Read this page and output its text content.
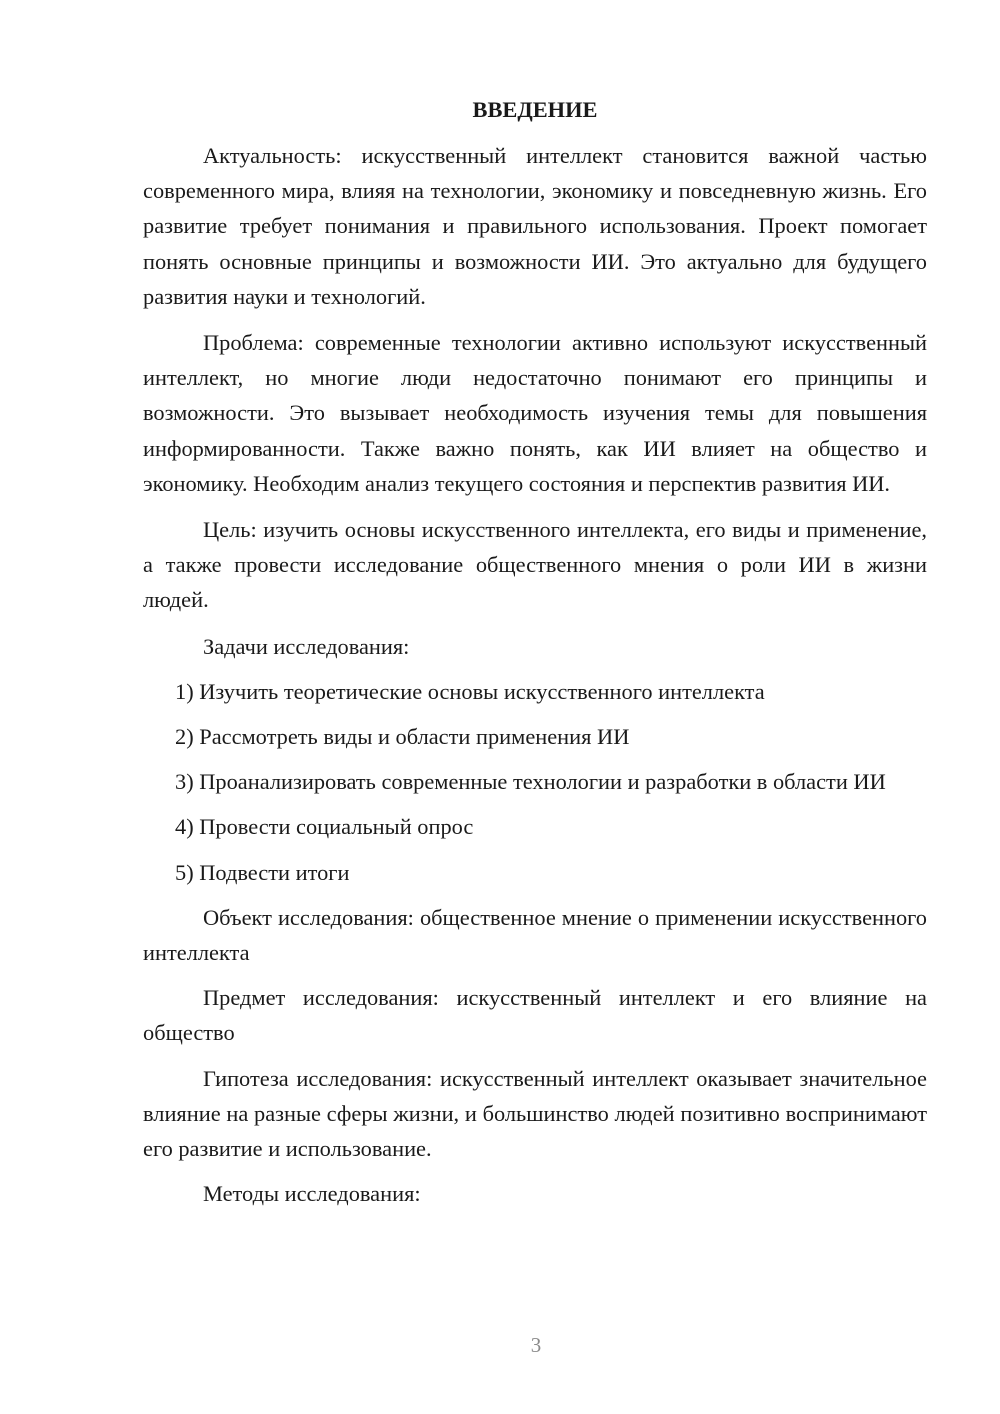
ВВЕДЕНИЕ

Актуальность: искусственный интеллект становится важной частью современного мира, влияя на технологии, экономику и повседневную жизнь. Его развитие требует понимания и правильного использования. Проект помогает понять основные принципы и возможности ИИ. Это актуально для будущего развития науки и технологий.

Проблема: современные технологии активно используют искусственный интеллект, но многие люди недостаточно понимают его принципы и возможности. Это вызывает необходимость изучения темы для повышения информированности. Также важно понять, как ИИ влияет на общество и экономику. Необходим анализ текущего состояния и перспектив развития ИИ.

Цель: изучить основы искусственного интеллекта, его виды и применение, а также провести исследование общественного мнения о роли ИИ в жизни людей.

Задачи исследования:

1) Изучить теоретические основы искусственного интеллекта

2) Рассмотреть виды и области применения ИИ

3) Проанализировать современные технологии и разработки в области ИИ

4) Провести социальный опрос

5) Подвести итоги

Объект исследования: общественное мнение о применении искусственного интеллекта

Предмет исследования: искусственный интеллект и его влияние на общество

Гипотеза исследования: искусственный интеллект оказывает значительное влияние на разные сферы жизни, и большинство людей позитивно воспринимают его развитие и использование.

Методы исследования:

3
